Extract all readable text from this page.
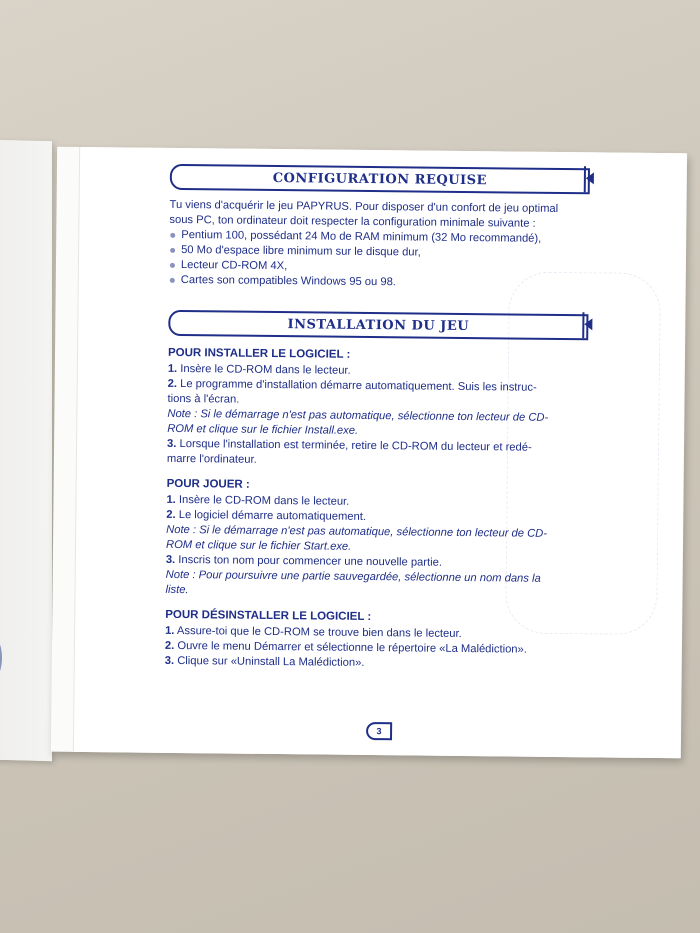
CONFIGURATION REQUISE

Tu viens d'acquérir le jeu PAPYRUS. Pour disposer d'un confort de jeu optimal

sous PC, ton ordinateur doit respecter la configuration minimale suivante :

Pentium 100, possédant 24 Mo de RAM minimum (32 Mo recommandé),
50 Mo d'espace libre minimum sur le disque dur,
Lecteur CD-ROM 4X,
Cartes son compatibles Windows 95 ou 98.
INSTALLATION DU JEU
POUR INSTALLER LE LOGICIEL :

1. Insère le CD-ROM dans le lecteur.

2. Le programme d'installation démarre automatiquement. Suis les instruc-

tions à l'écran.

Note : Si le démarrage n'est pas automatique, sélectionne ton lecteur de CD-

ROM et clique sur le fichier Install.exe.

3. Lorsque l'installation est terminée, retire le CD-ROM du lecteur et redé-

marre l'ordinateur.

POUR JOUER :

1. Insère le CD-ROM dans le lecteur.

2. Le logiciel démarre automatiquement.

Note : Si le démarrage n'est pas automatique, sélectionne ton lecteur de CD-

ROM et clique sur le fichier Start.exe.

3. Inscris ton nom pour commencer une nouvelle partie.

Note : Pour poursuivre une partie sauvegardée, sélectionne un nom dans la

liste.

POUR DÉSINSTALLER LE LOGICIEL :

1. Assure-toi que le CD-ROM se trouve bien dans le lecteur.

2. Ouvre le menu Démarrer et sélectionne le répertoire «La Malédiction».

3. Clique sur «Uninstall La Malédiction».

3
